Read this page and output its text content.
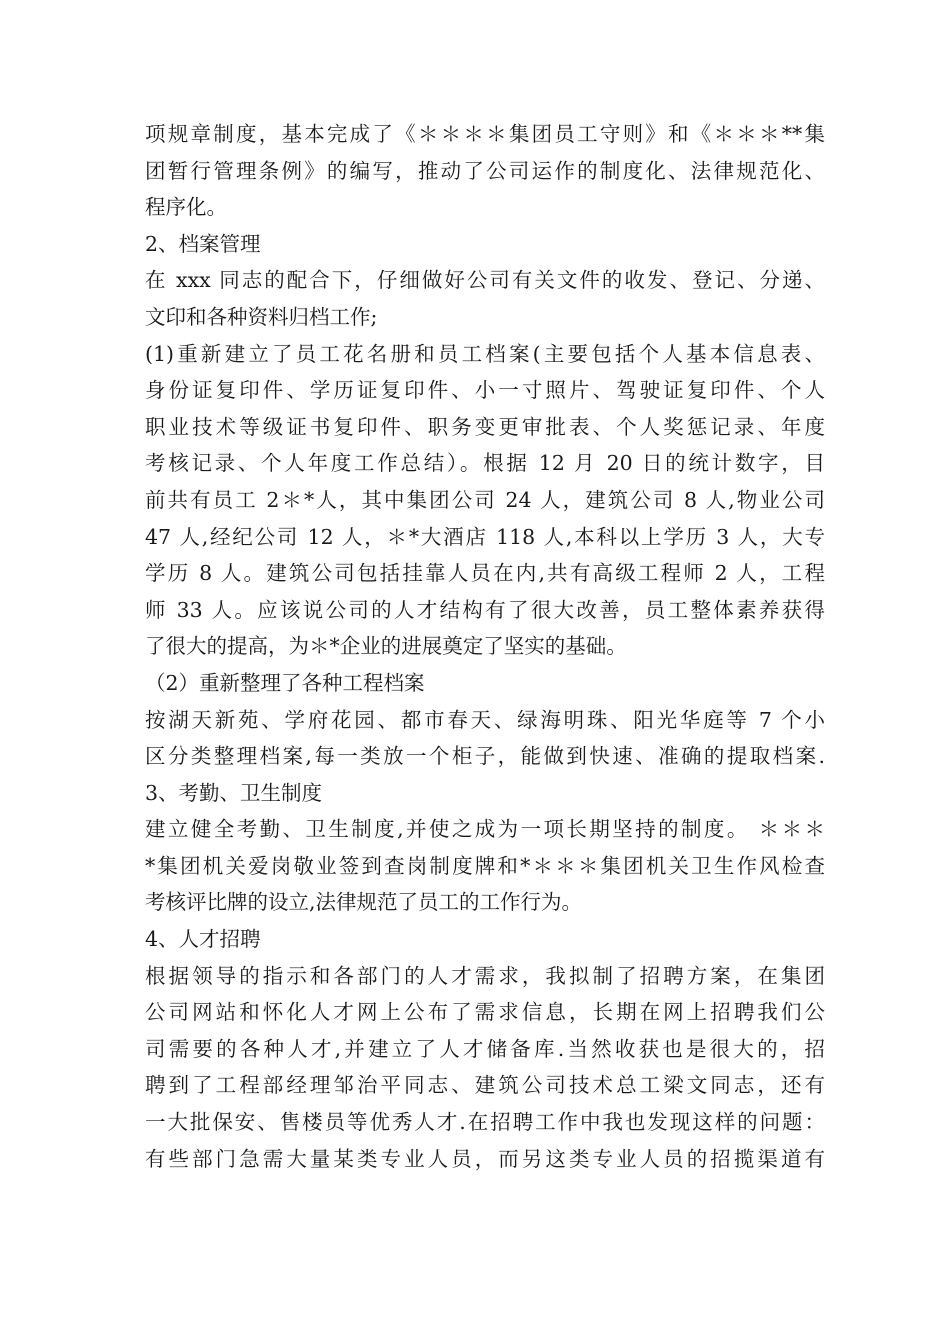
项规章制度，基本完成了《＊＊＊＊集团员工守则》和《＊＊＊**集
团暂行管理条例》的编写，推动了公司运作的制度化、法律规范化、
程序化。
2、档案管理
在 xxx 同志的配合下，仔细做好公司有关文件的收发、登记、分递、
文印和各种资料归档工作;
(1)重新建立了员工花名册和员工档案(主要包括个人基本信息表、
身份证复印件、学历证复印件、小一寸照片、驾驶证复印件、个人
职业技术等级证书复印件、职务变更审批表、个人奖惩记录、年度
考核记录、个人年度工作总结）。根据 12 月 20 日的统计数字，目
前共有员工 2＊*人，其中集团公司 24 人，建筑公司 8 人,物业公司
47 人,经纪公司 12 人，＊*大酒店 118 人,本科以上学历 3 人，大专
学历 8 人。建筑公司包括挂靠人员在内,共有高级工程师 2 人，工程
师 33 人。应该说公司的人才结构有了很大改善，员工整体素养获得
了很大的提高，为＊*企业的进展奠定了坚实的基础。
（2）重新整理了各种工程档案
按湖天新苑、学府花园、都市春天、绿海明珠、阳光华庭等 7 个小
区分类整理档案,每一类放一个柜子，能做到快速、准确的提取档案.
3、考勤、卫生制度
建立健全考勤、卫生制度,并使之成为一项长期坚持的制度。 ＊＊＊
*集团机关爱岗敬业签到查岗制度牌和*＊＊＊集团机关卫生作风检查
考核评比牌的设立,法律规范了员工的工作行为。
4、人才招聘
根据领导的指示和各部门的人才需求，我拟制了招聘方案，在集团
公司网站和怀化人才网上公布了需求信息，长期在网上招聘我们公
司需要的各种人才,并建立了人才储备库.当然收获也是很大的，招
聘到了工程部经理邹治平同志、建筑公司技术总工梁文同志，还有
一大批保安、售楼员等优秀人才.在招聘工作中我也发现这样的问题：
有些部门急需大量某类专业人员，而另这类专业人员的招揽渠道有
